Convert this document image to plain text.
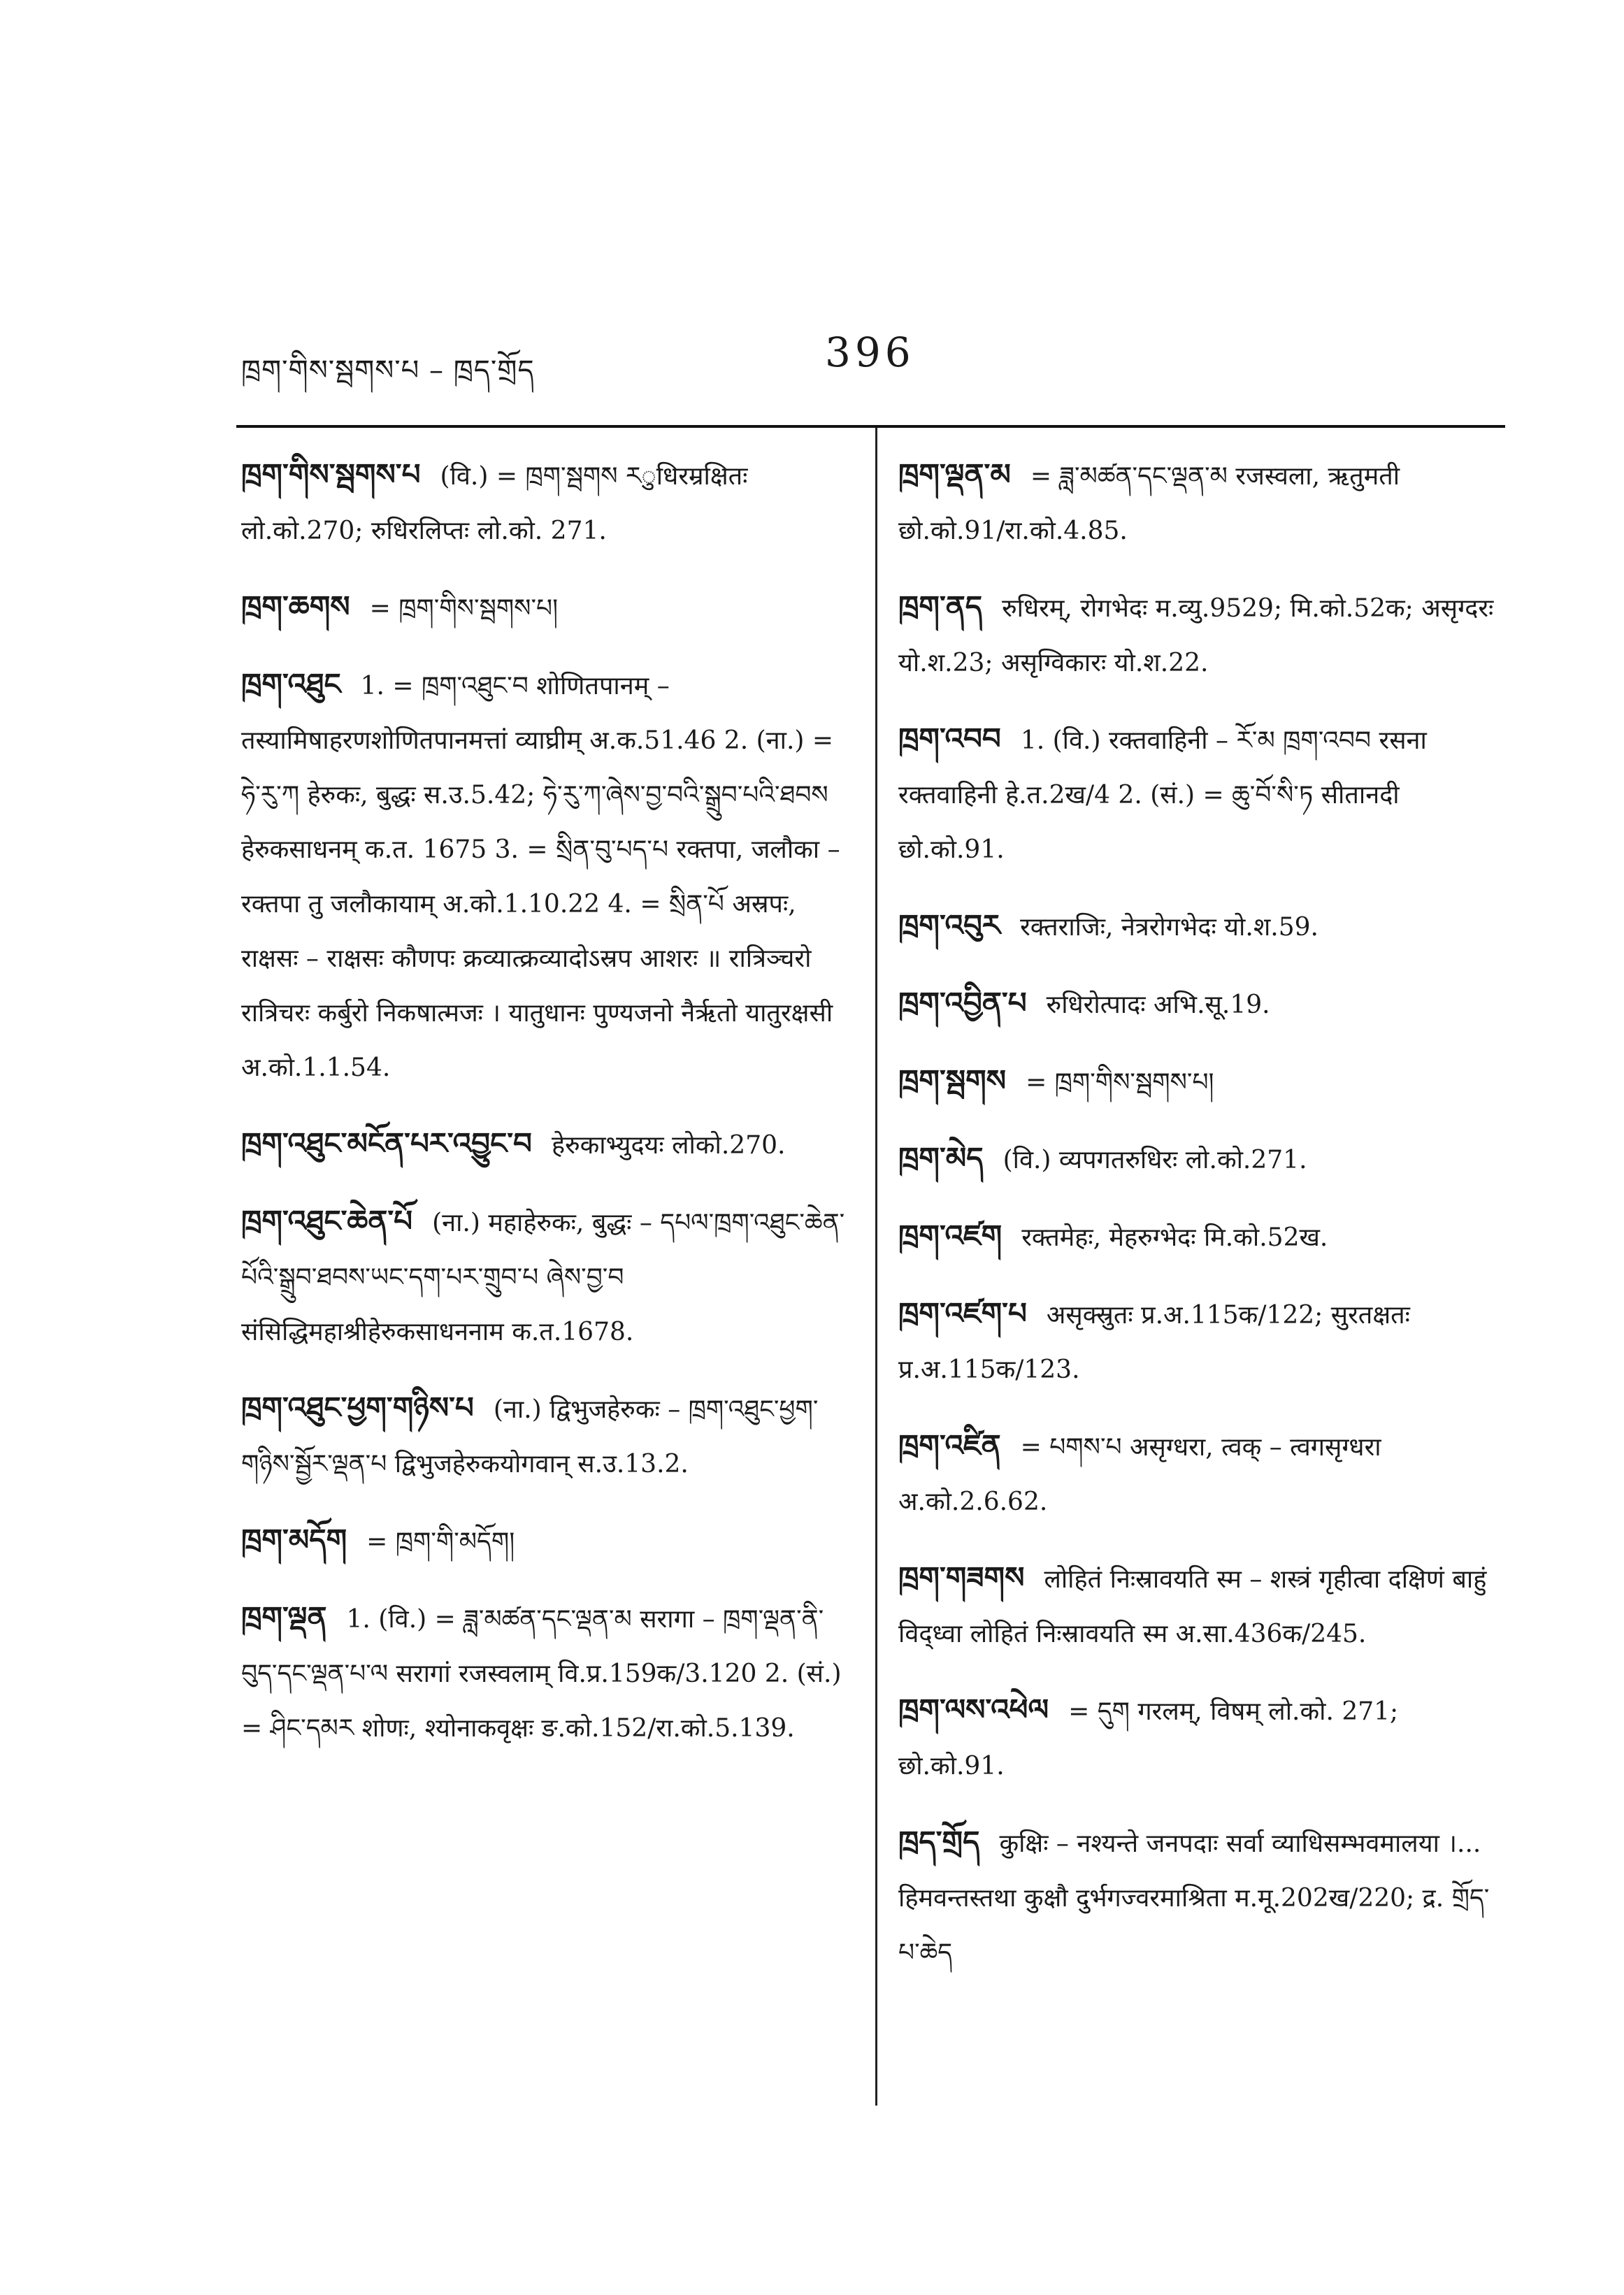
ཁྲག་གིས་སྦགས་པ – ཁྲད་གྲོད	396
ཁྲག་གིས་སྦགས་པ (वि.) = ཁྲག་སྦགས རुधिरम्रक्षितः लो.को.270; रुधिरलिप्तः लो.को. 271.
ཁྲག་ཆགས = ཁྲག་གིས་སྦགས་པ།
ཁྲག་འཐུང 1. = ཁྲག་འཐུང་བ शोणितपानम् – तस्यामिषाहरणशोणितपानमत्तां व्याघ्रीम् अ.क.51.46 2. (ना.) = ཧེ་རུ་ཀ हेरुकः, बुद्धः स.उ.5.42; ཧེ་རུ་ཀ་ཞེས་བྱ་བའི་སྒྲུབ་པའི་ཐབས हेरुकसाधनम् क.त. 1675 3. = སྲིན་བུ་པད་པ रक्तपा, जलौका – रक्तपा तु जलौकायाम् अ.को.1.10.22 4. = སྲིན་པོ अस्रपः, राक्षसः – राक्षसः कौणपः क्रव्यात्क्रव्यादोऽस्रप आशरः ॥ रात्रिञ्चरो रात्रिचरः कर्बुरो निकषात्मजः । यातुधानः पुण्यजनो नैर्ऋतो यातुरक्षसी अ.को.1.1.54.
ཁྲག་འཐུང་མངོན་པར་འབྱུང་བ हेरुकाभ्युदयः लोको.270.
ཁྲག་འཐུང་ཆེན་པོ (ना.) महाहेरुकः, बुद्धः – དཔལ་ཁྲག་འཐུང་ཆེན་པོའི་སྒྲུབ་ཐབས་ཡང་དག་པར་གྲུབ་པ ཞེས་བྱ་བ संसिद्धिमहाश्रीहेरुकसाधननाम क.त.1678.
ཁྲག་འཐུང་ཕྱག་གཉིས་པ (ना.) द्विभुजहेरुकः – ཁྲག་འཐུང་ཕྱག་གཉིས་སྦྱོར་ལྡན་པ द्विभुजहेरुकयोगवान् स.उ.13.2.
ཁྲག་མདོག = ཁྲག་གི་མདོག།
ཁྲག་ལྡན 1. (वि.) = ཟླ་མཚན་དང་ལྡན་མ सरागा – ཁྲག་ལྡན་ནི་བུད་དང་ལྡན་པ་ལ सरागां रजस्वलाम् वि.प्र.159क/3.120 2. (सं.) = ཤིང་དམར शोणः, श्योनाकवृक्षः ङ.को.152/रा.को.5.139.
ཁྲག་ལྡན་མ = ཟླ་མཚན་དང་ལྡན་མ रजस्वला, ऋतुमती छो.को.91/रा.को.4.85.
ཁྲག་ནད रुधिरम्, रोगभेदः म.व्यु.9529; मि.को.52क; असृग्दरः यो.श.23; असृग्विकारः यो.श.22.
ཁྲག་འབབ 1. (वि.) रक्तवाहिनी – རོ་མ ཁྲག་འབབ रसना रक्तवाहिनी हे.त.2ख/4 2. (सं.) = ཆུ་བོ་སི་ཏ सीतानदी छो.को.91.
ཁྲག་འབུར रक्तराजिः, नेत्ररोगभेदः यो.श.59.
ཁྲག་འབྱིན་པ रुधिरोत्पादः अभि.सू.19.
ཁྲག་སྦགས = ཁྲག་གིས་སྦགས་པ།
ཁྲག་མེད (वि.) व्यपगतरुधिरः लो.को.271.
ཁྲག་འཛག रक्तमेहः, मेहरुग्भेदः मि.को.52ख.
ཁྲག་འཛག་པ असृक्स्रुतः प्र.अ.115क/122; सुरतक्षतः प्र.अ.115क/123.
ཁྲག་འཛིན = པགས་པ असृग्धरा, त्वक् – त्वगसृग्धरा अ.को.2.6.62.
ཁྲག་གཟགས लोहितं निःस्रावयति स्म – शस्त्रं गृहीत्वा दक्षिणं बाहुं विद्ध्वा लोहितं निःस्रावयति स्म अ.सा.436क/245.
ཁྲག་ལས་འཕེལ = དུག गरलम्, विषम् लो.को. 271; छो.को.91.
ཁྲད་གྲོད कुक्षिः – नश्यन्ते जनपदाः सर्वा व्याधिसम्भवमालया ।... हिमवन्तस्तथा कुक्षौ दुर्भगज्वरमाश्रिता म.मू.202ख/220; द्र. གྲོད་པ་ཆེད
